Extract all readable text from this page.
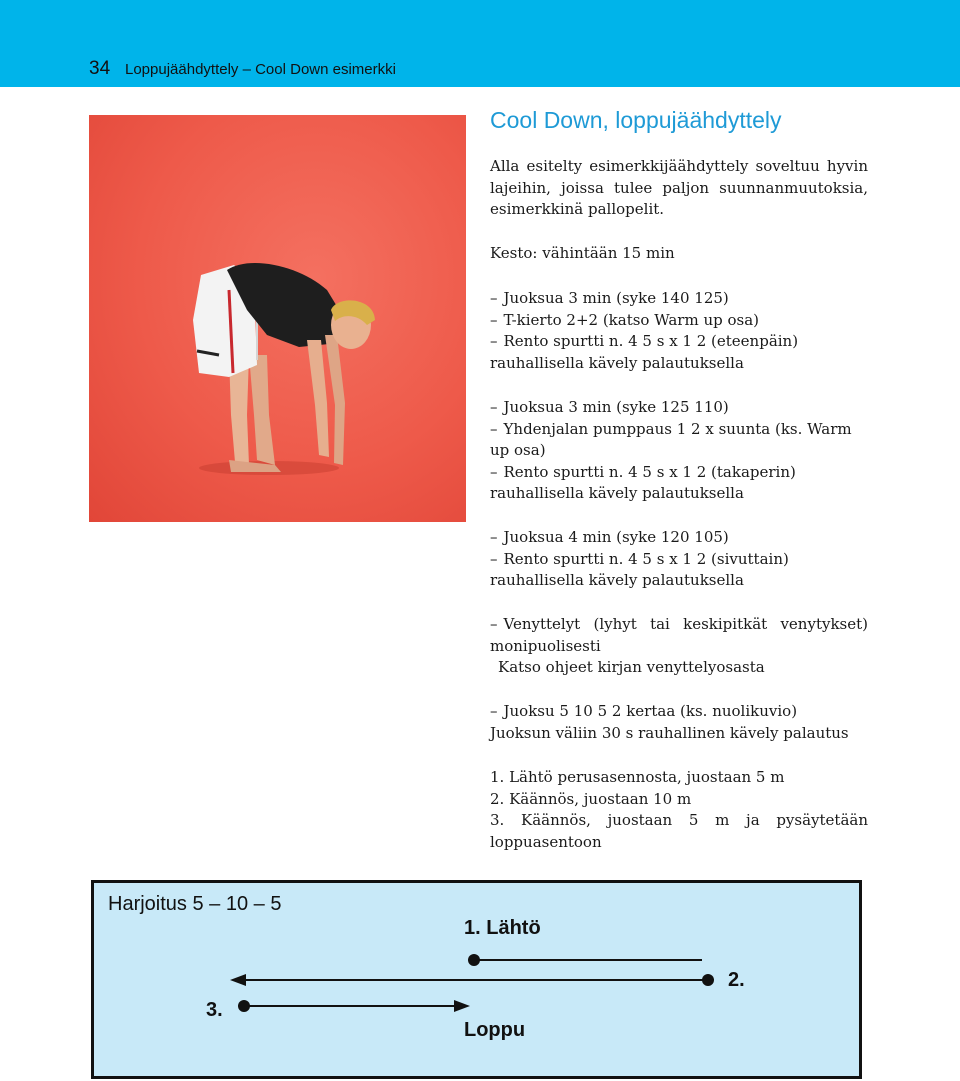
34 Loppujäähdyttely – Cool Down esimerkki
Cool Down, loppujäähdyttely

Alla esitelty esimerkkijäähdyttely soveltuu hyvin lajeihin, joissa tulee paljon suunnanmuutoksia, esimerkkinä pallopelit.

Kesto: vähintään 15 min

– Juoksua 3 min (syke 140 125)
– T-kierto 2+2 (katso Warm up osa)
– Rento spurtti n. 4 5 s x 1 2 (eteenpäin)
rauhallisella kävely palautuksella
– Juoksua 3 min (syke 125 110)
– Yhdenjalan pumppaus 1 2 x suunta (ks. Warm up osa)
– Rento spurtti n. 4 5 s x 1 2 (takaperin)
rauhallisella kävely palautuksella
– Juoksua 4 min (syke 120 105)
– Rento spurtti n. 4 5 s x 1 2 (sivuttain)
rauhallisella kävely palautuksella
– Venyttelyt (lyhyt tai keskipitkät venytykset) monipuolisesti
Katso ohjeet kirjan venyttelyosasta
– Juoksu 5 10 5 2 kertaa (ks. nuolikuvio)
Juoksun väliin 30 s rauhallinen kävely palautus
1. Lähtö perusasennosta, juostaan 5 m
2. Käännös, juostaan 10 m
3. Käännös, juostaan 5 m ja pysäytetään loppuasentoon
Harjoitus 5 – 10 – 5
1. Lähtö
2.
3.
Loppu
